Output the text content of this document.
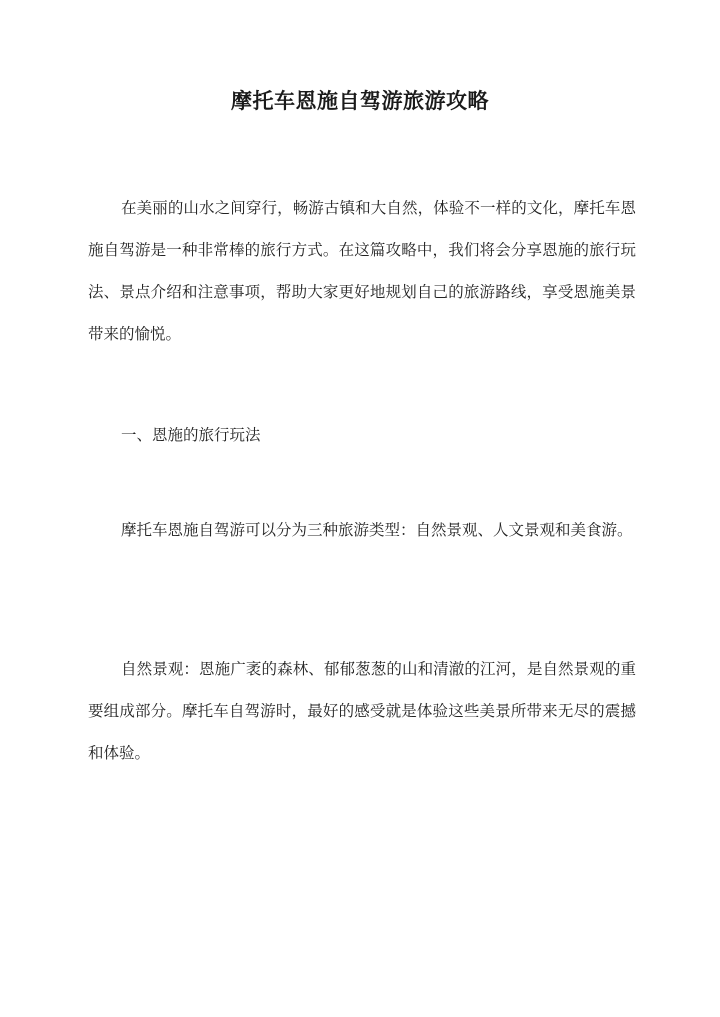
摩托车恩施自驾游旅游攻略

在美丽的山水之间穿行，畅游古镇和大自然，体验不一样的文化，摩托车恩施自驾游是一种非常棒的旅行方式。在这篇攻略中，我们将会分享恩施的旅行玩法、景点介绍和注意事项，帮助大家更好地规划自己的旅游路线，享受恩施美景带来的愉悦。

一、恩施的旅行玩法

摩托车恩施自驾游可以分为三种旅游类型：自然景观、人文景观和美食游。

自然景观：恩施广袤的森林、郁郁葱葱的山和清澈的江河，是自然景观的重要组成部分。摩托车自驾游时，最好的感受就是体验这些美景所带来无尽的震撼和体验。
